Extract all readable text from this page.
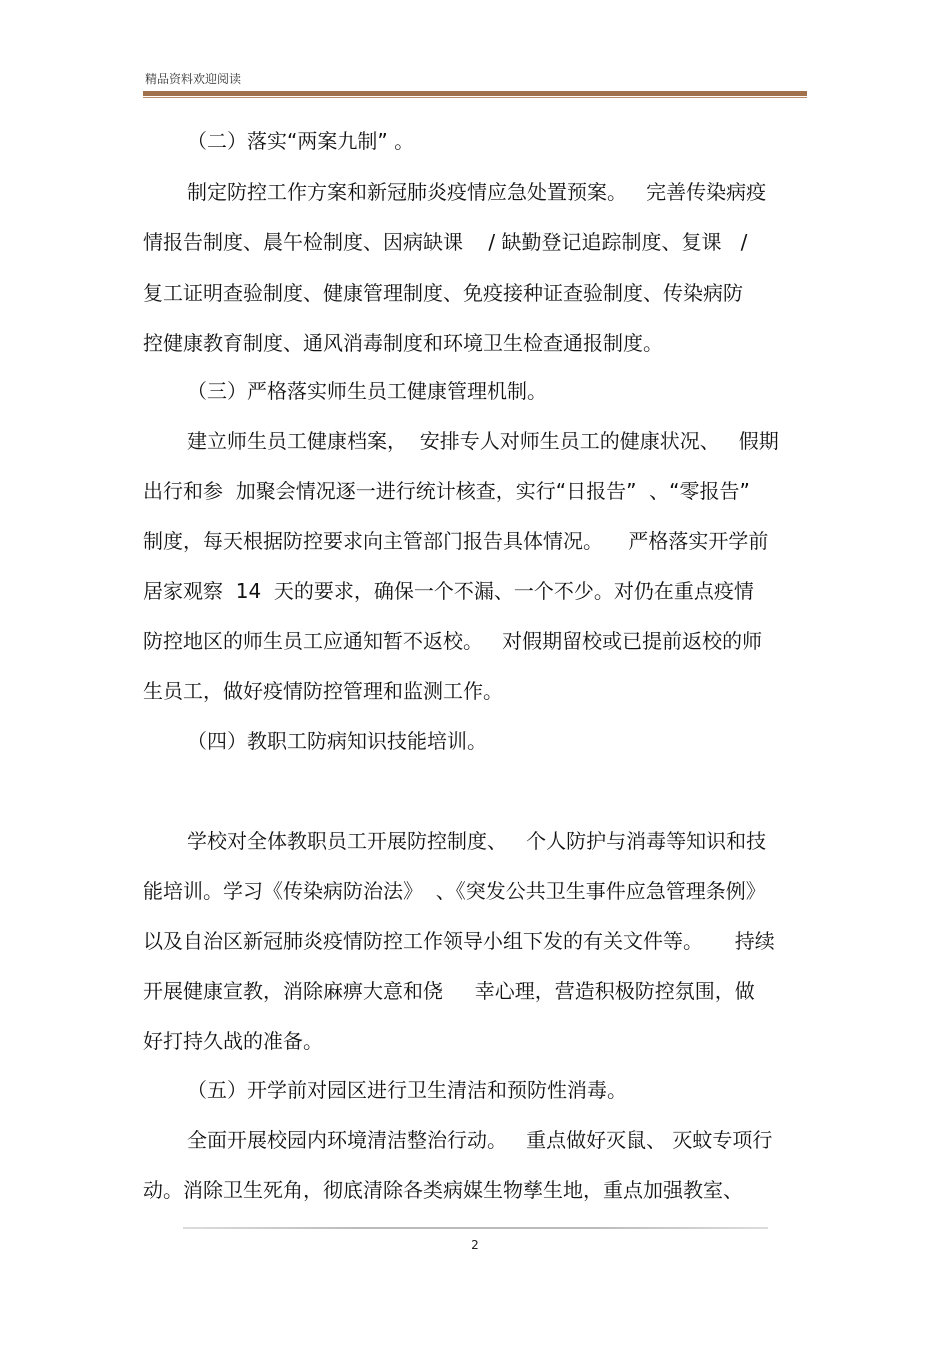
精品资料欢迎阅读
（二）落实“两案九制” 。
制定防控工作方案和新冠肺炎疫情应急处置预案。   完善传染病疫
情报告制度、晨午检制度、因病缺课    / 缺勤登记追踪制度、复课   /
复工证明查验制度、健康管理制度、免疫接种证查验制度、传染病防
控健康教育制度、通风消毒制度和环境卫生检查通报制度。
（三）严格落实师生员工健康管理机制。
建立师生员工健康档案，  安排专人对师生员工的健康状况、   假期
出行和参  加聚会情况逐一进行统计核查，实行“日报告”  、“零报告”
制度，每天根据防控要求向主管部门报告具体情况。    严格落实开学前
居家观察  14  天的要求，确保一个不漏、一个不少。对仍在重点疫情
防控地区的师生员工应通知暂不返校。   对假期留校或已提前返校的师
生员工，做好疫情防控管理和监测工作。
（四）教职工防病知识技能培训。
学校对全体教职员工开展防控制度、   个人防护与消毒等知识和技
能培训。学习《传染病防治法》  、《突发公共卫生事件应急管理条例》
以及自治区新冠肺炎疫情防控工作领导小组下发的有关文件等。     持续
开展健康宣教，消除麻痹大意和侥     幸心理，营造积极防控氛围，做
好打持久战的准备。
（五）开学前对园区进行卫生清洁和预防性消毒。
全面开展校园内环境清洁整治行动。   重点做好灭鼠、 灭蚊专项行
动。消除卫生死角，彻底清除各类病媒生物孳生地，重点加强教室、
2
